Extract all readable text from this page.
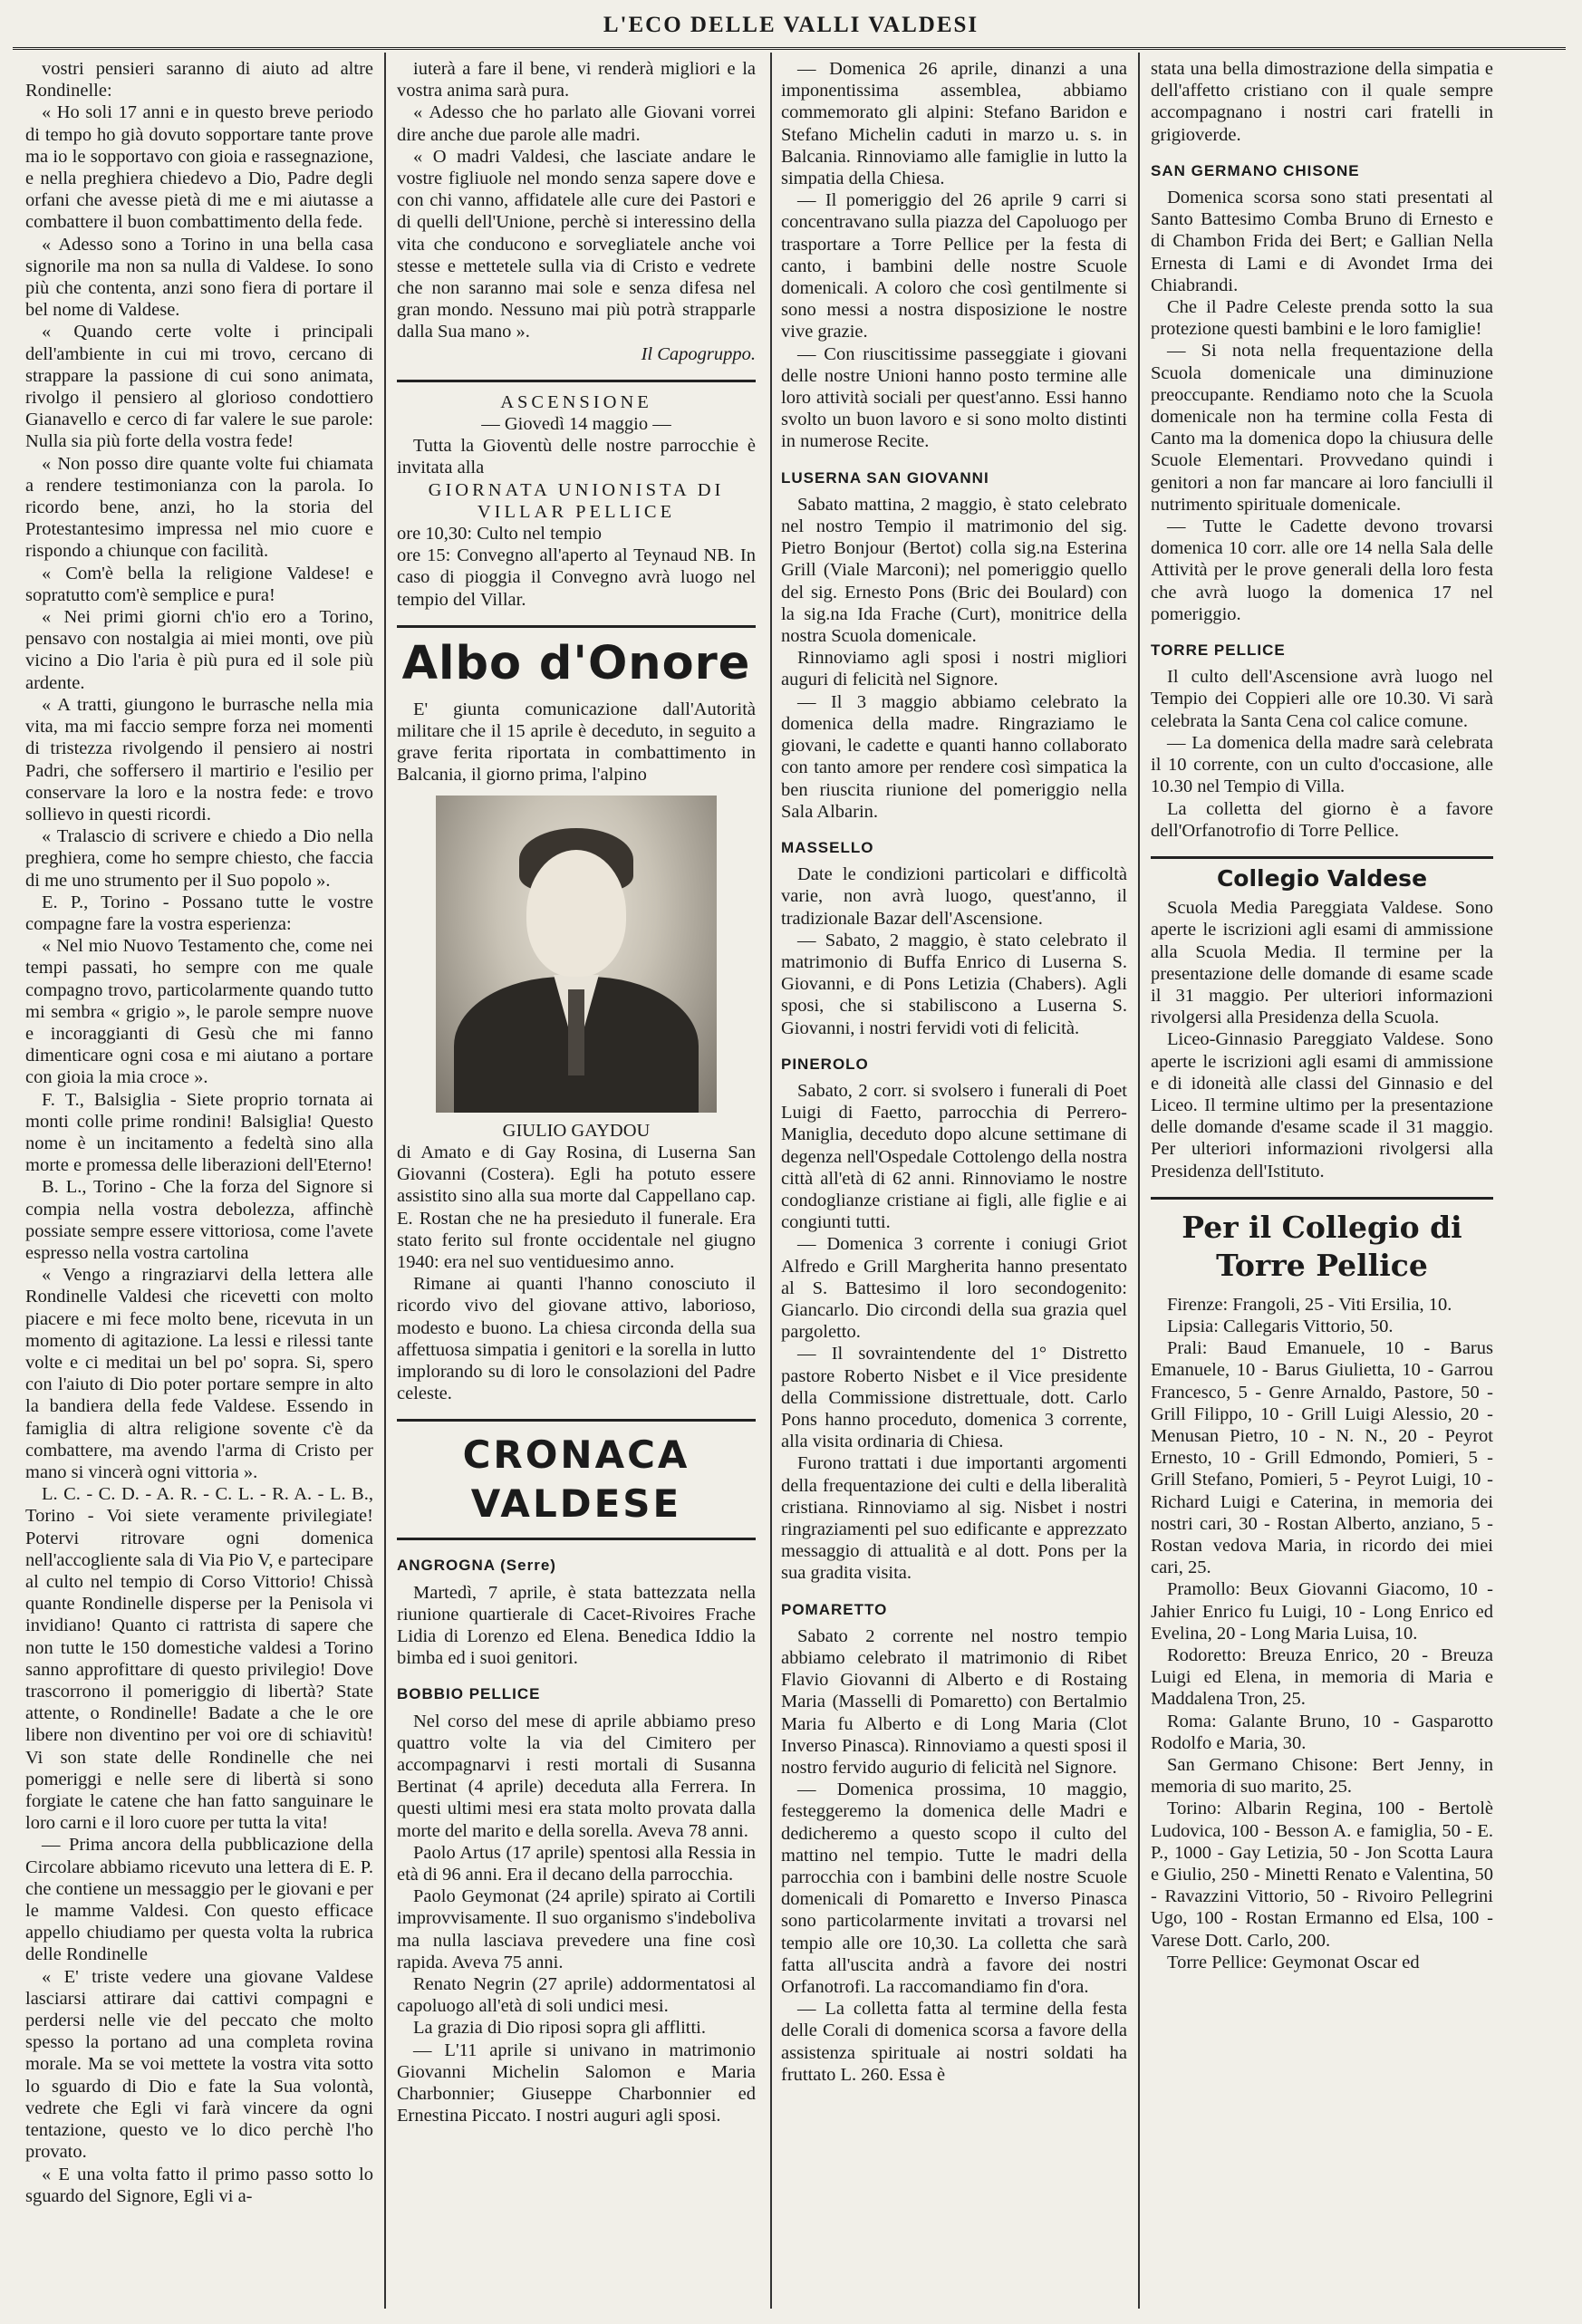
L'ECO DELLE VALLI VALDESI

vostri pensieri saranno di aiuto ad altre Rondinelle:

« Ho soli 17 anni e in questo breve periodo di tempo ho già dovuto sopportare tante prove ma io le sopportavo con gioia e rassegnazione, e nella preghiera chiedevo a Dio, Padre degli orfani che avesse pietà di me e mi aiutasse a combattere il buon combattimento della fede.

« Adesso sono a Torino in una bella casa signorile ma non sa nulla di Valdese. Io sono più che contenta, anzi sono fiera di portare il bel nome di Valdese.

« Quando certe volte i principali dell'ambiente in cui mi trovo, cercano di strappare la passione di cui sono animata, rivolgo il pensiero al glorioso condottiero Gianavello e cerco di far valere le sue parole: Nulla sia più forte della vostra fede!

« Non posso dire quante volte fui chiamata a rendere testimonianza con la parola. Io ricordo bene, anzi, ho la storia del Protestantesimo impressa nel mio cuore e rispondo a chiunque con facilità.

« Com'è bella la religione Valdese! e sopratutto com'è semplice e pura!

« Nei primi giorni ch'io ero a Torino, pensavo con nostalgia ai miei monti, ove più vicino a Dio l'aria è più pura ed il sole più ardente.

« A tratti, giungono le burrasche nella mia vita, ma mi faccio sempre forza nei momenti di tristezza rivolgendo il pensiero ai nostri Padri, che soffersero il martirio e l'esilio per conservare la loro e la nostra fede: e trovo sollievo in questi ricordi.

« Tralascio di scrivere e chiedo a Dio nella preghiera, come ho sempre chiesto, che faccia di me uno strumento per il Suo popolo ».

E. P., Torino - Possano tutte le vostre compagne fare la vostra esperienza:

« Nel mio Nuovo Testamento che, come nei tempi passati, ho sempre con me quale compagno trovo, particolarmente quando tutto mi sembra « grigio », le parole sempre nuove e incoraggianti di Gesù che mi fanno dimenticare ogni cosa e mi aiutano a portare con gioia la mia croce ».

F. T., Balsiglia - Siete proprio tornata ai monti colle prime rondini! Balsiglia! Questo nome è un incitamento a fedeltà sino alla morte e promessa delle liberazioni dell'Eterno!

B. L., Torino - Che la forza del Signore si compia nella vostra debolezza, affinchè possiate sempre essere vittoriosa, come l'avete espresso nella vostra cartolina

« Vengo a ringraziarvi della lettera alle Rondinelle Valdesi che ricevetti con molto piacere e mi fece molto bene, ricevuta in un momento di agitazione. La lessi e rilessi tante volte e ci meditai un bel po' sopra. Si, spero con l'aiuto di Dio poter portare sempre in alto la bandiera della fede Valdese. Essendo in famiglia di altra religione sovente c'è da combattere, ma avendo l'arma di Cristo per mano si vincerà ogni vittoria ».

L. C. - C. D. - A. R. - C. L. - R. A. - L. B., Torino - Voi siete veramente privilegiate! Potervi ritrovare ogni domenica nell'accogliente sala di Via Pio V, e partecipare al culto nel tempio di Corso Vittorio! Chissà quante Rondinelle disperse per la Penisola vi invidiano! Quanto ci rattrista di sapere che non tutte le 150 domestiche valdesi a Torino sanno approfittare di questo privilegio! Dove trascorrono il pomeriggio di libertà? State attente, o Rondinelle! Badate a che le ore libere non diventino per voi ore di schiavitù! Vi son state delle Rondinelle che nei pomeriggi e nelle sere di libertà si sono forgiate le catene che han fatto sanguinare le loro carni e il loro cuore per tutta la vita!

— Prima ancora della pubblicazione della Circolare abbiamo ricevuto una lettera di E. P. che contiene un messaggio per le giovani e per le mamme Valdesi. Con questo efficace appello chiudiamo per questa volta la rubrica delle Rondinelle

« E' triste vedere una giovane Valdese lasciarsi attirare dai cattivi compagni e perdersi nelle vie del peccato che molto spesso la portano ad una completa rovina morale. Ma se voi mettete la vostra vita sotto lo sguardo di Dio e fate la Sua volontà, vedrete che Egli vi farà vincere da ogni tentazione, questo ve lo dico perchè l'ho provato.

« E una volta fatto il primo passo sotto lo sguardo del Signore, Egli vi a-

iuterà a fare il bene, vi renderà migliori e la vostra anima sarà pura.

« Adesso che ho parlato alle Giovani vorrei dire anche due parole alle madri.

« O madri Valdesi, che lasciate andare le vostre figliuole nel mondo senza sapere dove e con chi vanno, affidatele alle cure dei Pastori e di quelli dell'Unione, perchè si interessino della vita che conducono e sorvegliatele anche voi stesse e mettetele sulla via di Cristo e vedrete che non saranno mai sole e senza difesa nel gran mondo. Nessuno mai più potrà strapparle dalla Sua mano ».

Il Capogruppo.

ASCENSIONE

— Giovedì 14 maggio —

Tutta la Gioventù delle nostre parrocchie è invitata alla

GIORNATA UNIONISTA DI

VILLAR PELLICE

ore 10,30: Culto nel tempio

ore 15: Convegno all'aperto al Teynaud NB. In caso di pioggia il Convegno avrà luogo nel tempio del Villar.

Albo d'Onore

E' giunta comunicazione dall'Autorità militare che il 15 aprile è deceduto, in seguito a grave ferita riportata in combattimento in Balcania, il giorno prima, l'alpino

GIULIO GAYDOU

di Amato e di Gay Rosina, di Luserna San Giovanni (Costera). Egli ha potuto essere assistito sino alla sua morte dal Cappellano cap. E. Rostan che ne ha presieduto il funerale. Era stato ferito sul fronte occidentale nel giugno 1940: era nel suo ventiduesimo anno.

Rimane ai quanti l'hanno conosciuto il ricordo vivo del giovane attivo, laborioso, modesto e buono. La chiesa circonda della sua affettuosa simpatia i genitori e la sorella in lutto implorando su di loro le consolazioni del Padre celeste.

CRONACA VALDESE
ANGROGNA (Serre)

Martedì, 7 aprile, è stata battezzata nella riunione quartierale di Cacet-Rivoires Frache Lidia di Lorenzo ed Elena. Benedica Iddio la bimba ed i suoi genitori.

BOBBIO PELLICE

Nel corso del mese di aprile abbiamo preso quattro volte la via del Cimitero per accompagnarvi i resti mortali di Susanna Bertinat (4 aprile) deceduta alla Ferrera. In questi ultimi mesi era stata molto provata dalla morte del marito e della sorella. Aveva 78 anni.

Paolo Artus (17 aprile) spentosi alla Ressia in età di 96 anni. Era il decano della parrocchia.

Paolo Geymonat (24 aprile) spirato ai Cortili improvvisamente. Il suo organismo s'indeboliva ma nulla lasciava prevedere una fine così rapida. Aveva 75 anni.

Renato Negrin (27 aprile) addormentatosi al capoluogo all'età di soli undici mesi.

La grazia di Dio riposi sopra gli afflitti.

— L'11 aprile si univano in matrimonio Giovanni Michelin Salomon e Maria Charbonnier; Giuseppe Charbonnier ed Ernestina Piccato. I nostri auguri agli sposi.

— Domenica 26 aprile, dinanzi a una imponentissima assemblea, abbiamo commemorato gli alpini: Stefano Baridon e Stefano Michelin caduti in marzo u. s. in Balcania. Rinnoviamo alle famiglie in lutto la simpatia della Chiesa.

— Il pomeriggio del 26 aprile 9 carri si concentravano sulla piazza del Capoluogo per trasportare a Torre Pellice per la festa di canto, i bambini delle nostre Scuole domenicali. A coloro che così gentilmente si sono messi a nostra disposizione le nostre vive grazie.

— Con riuscitissime passeggiate i giovani delle nostre Unioni hanno posto termine alle loro attività sociali per quest'anno. Essi hanno svolto un buon lavoro e si sono molto distinti in numerose Recite.

LUSERNA SAN GIOVANNI

Sabato mattina, 2 maggio, è stato celebrato nel nostro Tempio il matrimonio del sig. Pietro Bonjour (Bertot) colla sig.na Esterina Grill (Viale Marconi); nel pomeriggio quello del sig. Ernesto Pons (Bric dei Boulard) con la sig.na Ida Frache (Curt), monitrice della nostra Scuola domenicale.

Rinnoviamo agli sposi i nostri migliori auguri di felicità nel Signore.

— Il 3 maggio abbiamo celebrato la domenica della madre. Ringraziamo le giovani, le cadette e quanti hanno collaborato con tanto amore per rendere così simpatica la ben riuscita riunione del pomeriggio nella Sala Albarin.

MASSELLO

Date le condizioni particolari e difficoltà varie, non avrà luogo, quest'anno, il tradizionale Bazar dell'Ascensione.

— Sabato, 2 maggio, è stato celebrato il matrimonio di Buffa Enrico di Luserna S. Giovanni, e di Pons Letizia (Chabers). Agli sposi, che si stabiliscono a Luserna S. Giovanni, i nostri fervidi voti di felicità.

PINEROLO

Sabato, 2 corr. si svolsero i funerali di Poet Luigi di Faetto, parrocchia di Perrero-Maniglia, deceduto dopo alcune settimane di degenza nell'Ospedale Cottolengo della nostra città all'età di 62 anni. Rinnoviamo le nostre condoglianze cristiane ai figli, alle figlie e ai congiunti tutti.

— Domenica 3 corrente i coniugi Griot Alfredo e Grill Margherita hanno presentato al S. Battesimo il loro secondogenito: Giancarlo. Dio circondi della sua grazia quel pargoletto.

— Il sovraintendente del 1° Distretto pastore Roberto Nisbet e il Vice presidente della Commissione distrettuale, dott. Carlo Pons hanno proceduto, domenica 3 corrente, alla visita ordinaria di Chiesa.

Furono trattati i due importanti argomenti della frequentazione dei culti e della liberalità cristiana. Rinnoviamo al sig. Nisbet i nostri ringraziamenti pel suo edificante e apprezzato messaggio di attualità e al dott. Pons per la sua gradita visita.

POMARETTO

Sabato 2 corrente nel nostro tempio abbiamo celebrato il matrimonio di Ribet Flavio Giovanni di Alberto e di Rostaing Maria (Masselli di Pomaretto) con Bertalmio Maria fu Alberto e di Long Maria (Clot Inverso Pinasca). Rinnoviamo a questi sposi il nostro fervido augurio di felicità nel Signore.

— Domenica prossima, 10 maggio, festeggeremo la domenica delle Madri e dedicheremo a questo scopo il culto del mattino nel tempio. Tutte le madri della parrocchia con i bambini delle nostre Scuole domenicali di Pomaretto e Inverso Pinasca sono particolarmente invitati a trovarsi nel tempio alle ore 10,30. La colletta che sarà fatta all'uscita andrà a favore dei nostri Orfanotrofi. La raccomandiamo fin d'ora.

— La colletta fatta al termine della festa delle Corali di domenica scorsa a favore della assistenza spirituale ai nostri soldati ha fruttato L. 260. Essa è

stata una bella dimostrazione della simpatia e dell'affetto cristiano con il quale sempre accompagnano i nostri cari fratelli in grigioverde.

SAN GERMANO CHISONE

Domenica scorsa sono stati presentati al Santo Battesimo Comba Bruno di Ernesto e di Chambon Frida dei Bert; e Gallian Nella Ernesta di Lami e di Avondet Irma dei Chiabrandi.

Che il Padre Celeste prenda sotto la sua protezione questi bambini e le loro famiglie!

— Si nota nella frequentazione della Scuola domenicale una diminuzione preoccupante. Rendiamo noto che la Scuola domenicale non ha termine colla Festa di Canto ma la domenica dopo la chiusura delle Scuole Elementari. Provvedano quindi i genitori a non far mancare ai loro fanciulli il nutrimento spirituale domenicale.

— Tutte le Cadette devono trovarsi domenica 10 corr. alle ore 14 nella Sala delle Attività per le prove generali della loro festa che avrà luogo la domenica 17 nel pomeriggio.

TORRE PELLICE

Il culto dell'Ascensione avrà luogo nel Tempio dei Coppieri alle ore 10.30. Vi sarà celebrata la Santa Cena col calice comune.

— La domenica della madre sarà celebrata il 10 corrente, con un culto d'occasione, alle 10.30 nel Tempio di Villa.

La colletta del giorno è a favore dell'Orfanotrofio di Torre Pellice.

Collegio Valdese

Scuola Media Pareggiata Valdese. Sono aperte le iscrizioni agli esami di ammissione alla Scuola Media. Il termine per la presentazione delle domande di esame scade il 31 maggio. Per ulteriori informazioni rivolgersi alla Presidenza della Scuola.

Liceo-Ginnasio Pareggiato Valdese. Sono aperte le iscrizioni agli esami di ammissione e di idoneità alle classi del Ginnasio e del Liceo. Il termine ultimo per la presentazione delle domande d'esame scade il 31 maggio. Per ulteriori informazioni rivolgersi alla Presidenza dell'Istituto.

Per il Collegio di Torre Pellice

Firenze: Frangoli, 25 - Viti Ersilia, 10.

Lipsia: Callegaris Vittorio, 50.

Prali: Baud Emanuele, 10 - Barus Emanuele, 10 - Barus Giulietta, 10 - Garrou Francesco, 5 - Genre Arnaldo, Pastore, 50 - Grill Filippo, 10 - Grill Luigi Alessio, 20 - Menusan Pietro, 10 - N. N., 20 - Peyrot Ernesto, 10 - Grill Edmondo, Pomieri, 5 - Grill Stefano, Pomieri, 5 - Peyrot Luigi, 10 - Richard Luigi e Caterina, in memoria dei nostri cari, 30 - Rostan Alberto, anziano, 5 - Rostan vedova Maria, in ricordo dei miei cari, 25.

Pramollo: Beux Giovanni Giacomo, 10 - Jahier Enrico fu Luigi, 10 - Long Enrico ed Evelina, 20 - Long Maria Luisa, 10.

Rodoretto: Breuza Enrico, 20 - Breuza Luigi ed Elena, in memoria di Maria e Maddalena Tron, 25.

Roma: Galante Bruno, 10 - Gasparotto Rodolfo e Maria, 30.

San Germano Chisone: Bert Jenny, in memoria di suo marito, 25.

Torino: Albarin Regina, 100 - Bertolè Ludovica, 100 - Besson A. e famiglia, 50 - E. P., 1000 - Gay Letizia, 50 - Jon Scotta Laura e Giulio, 250 - Minetti Renato e Valentina, 50 - Ravazzini Vittorio, 50 - Rivoiro Pellegrini Ugo, 100 - Rostan Ermanno ed Elsa, 100 - Varese Dott. Carlo, 200.

Torre Pellice: Geymonat Oscar ed
